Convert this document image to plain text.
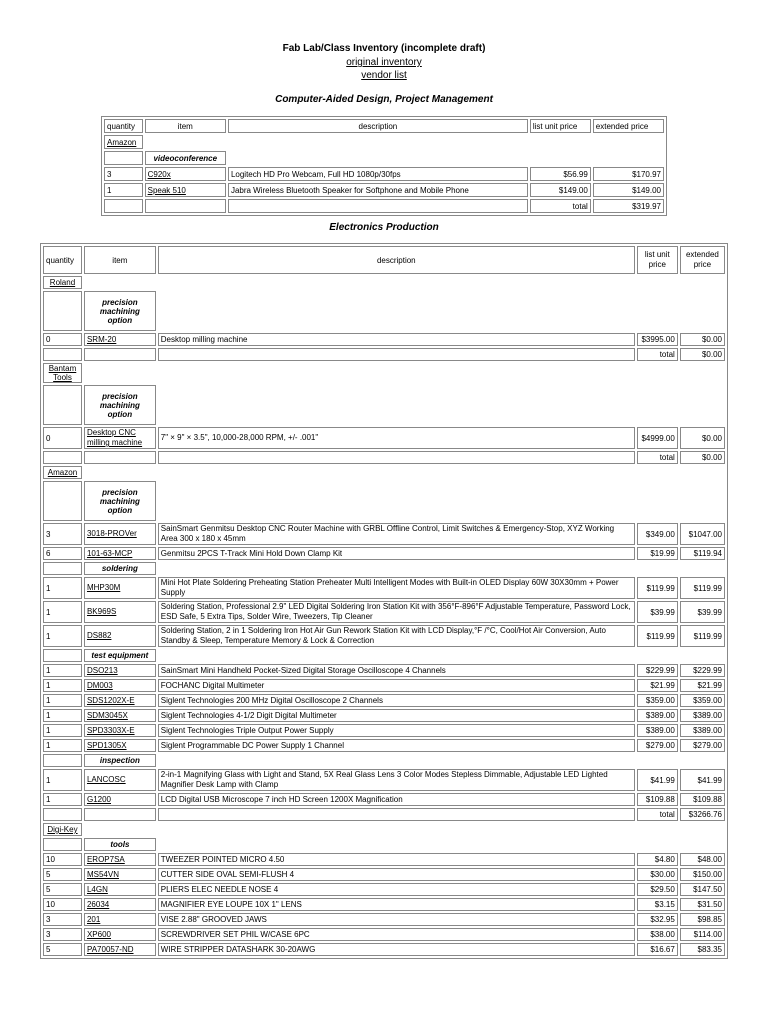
Fab Lab/Class Inventory (incomplete draft)
original inventory
vendor list
Computer-Aided Design, Project Management
quantity	item	description	list unit price	extended price
Amazon				
	videoconference			
3	C920x	Logitech HD Pro Webcam, Full HD 1080p/30fps	$56.99	$170.97
1	Speak 510	Jabra Wireless Bluetooth Speaker for Softphone and Mobile Phone	$149.00	$149.00
			total	$319.97
Electronics Production
quantity	item	description	list unit price	extended price
Roland				
	precision machining option			
0	SRM-20	Desktop milling machine	$3995.00	$0.00
			total	$0.00
Bantam Tools				
	precision machining option			
0	Desktop CNC milling machine	7" × 9" × 3.5", 10,000-28,000 RPM, +/- .001"	$4999.00	$0.00
			total	$0.00
Amazon				
	precision machining option			
3	3018-PROVer	SainSmart Genmitsu Desktop CNC Router Machine with GRBL Offline Control, Limit Switches & Emergency-Stop, XYZ Working Area 300 x 180 x 45mm	$349.00	$1047.00
6	101-63-MCP	Genmitsu 2PCS T-Track Mini Hold Down Clamp Kit	$19.99	$119.94
	soldering			
1	MHP30M	Mini Hot Plate Soldering Preheating Station Preheater Multi Intelligent Modes with Built-in OLED Display 60W 30X30mm + Power Supply	$119.99	$119.99
1	BK969S	Soldering Station, Professional 2.9" LED Digital Soldering Iron Station Kit with 356°F-896°F Adjustable Temperature, Password Lock, ESD Safe, 5 Extra Tips, Solder Wire, Tweezers, Tip Cleaner	$39.99	$39.99
1	DS882	Soldering Station, 2 in 1 Soldering Iron Hot Air Gun Rework Station Kit with LCD Display,°F /°C, Cool/Hot Air Conversion, Auto Standby & Sleep, Temperature Memory & Lock & Correction	$119.99	$119.99
	test equipment			
1	DSO213	SainSmart Mini Handheld Pocket-Sized Digital Storage Oscilloscope 4 Channels	$229.99	$229.99
1	DM003	FOCHANC Digital Multimeter	$21.99	$21.99
1	SDS1202X-E	Siglent Technologies 200 MHz Digital Oscilloscope 2 Channels	$359.00	$359.00
1	SDM3045X	Siglent Technologies 4-1/2 Digit Digital Multimeter	$389.00	$389.00
1	SPD3303X-E	Siglent Technologies Triple Output Power Supply	$389.00	$389.00
1	SPD1305X	Siglent Programmable DC Power Supply 1 Channel	$279.00	$279.00
	inspection			
1	LANCOSC	2-in-1 Magnifying Glass with Light and Stand, 5X Real Glass Lens 3 Color Modes Stepless Dimmable, Adjustable LED Lighted Magnifier Desk Lamp with Clamp	$41.99	$41.99
1	G1200	LCD Digital USB Microscope 7 inch HD Screen 1200X Magnification	$109.88	$109.88
			total	$3266.76
Digi-Key				
	tools			
10	EROP7SA	TWEEZER POINTED MICRO 4.50	$4.80	$48.00
5	MS54VN	CUTTER SIDE OVAL SEMI-FLUSH 4	$30.00	$150.00
5	L4GN	PLIERS ELEC NEEDLE NOSE 4	$29.50	$147.50
10	26034	MAGNIFIER EYE LOUPE 10X 1" LENS	$3.15	$31.50
3	201	VISE 2.88" GROOVED JAWS	$32.95	$98.85
3	XP600	SCREWDRIVER SET PHIL W/CASE 6PC	$38.00	$114.00
5	PA70057-ND	WIRE STRIPPER DATASHARK 30-20AWG	$16.67	$83.35
